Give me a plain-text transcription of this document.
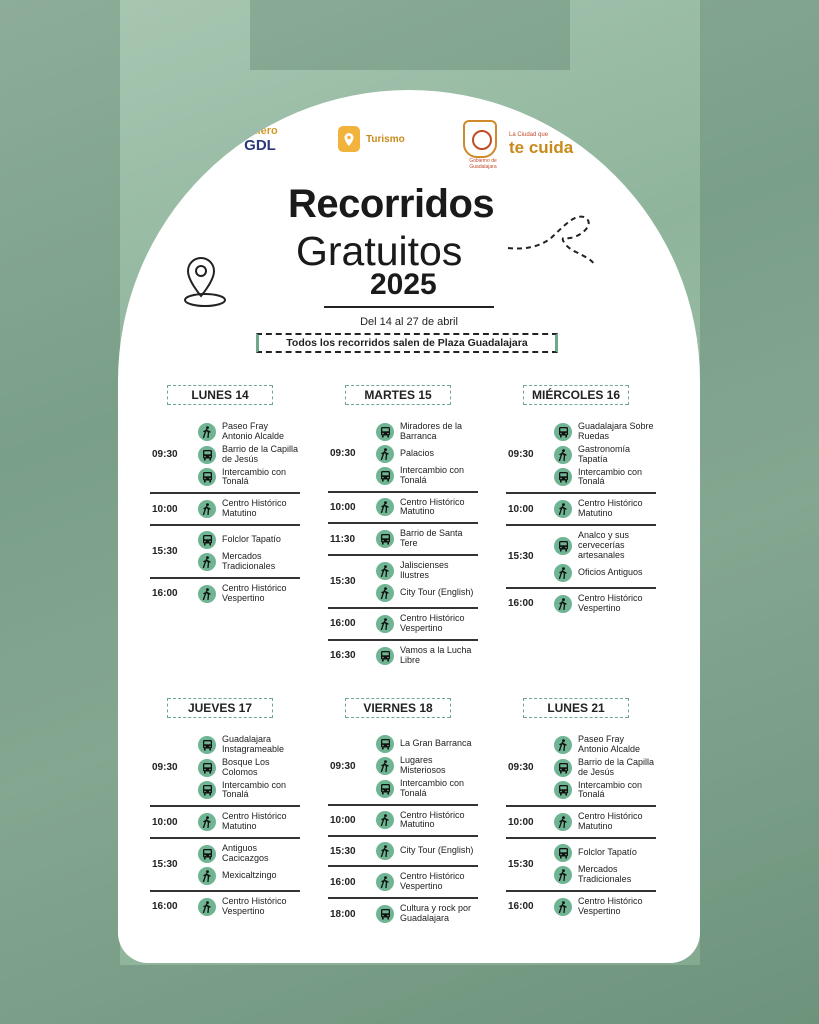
Te
Quiero
GDL	Turismo
Gobierno de Guadalajara
La Ciudad que
te cuida
Recorridos
Gratuitos
2025
Del 14 al 27 de abril
Todos los recorridos salen de Plaza Guadalajara
LUNES 14
09:30
Paseo Fray Antonio Alcalde
Barrio de la Capilla de Jesús
Intercambio con Tonalá
10:00
Centro Histórico Matutino
15:30
Folclor Tapatío
Mercados Tradicionales
16:00
Centro Histórico Vespertino
MARTES 15
09:30
Miradores de la Barranca
Palacios
Intercambio con Tonalá
10:00
Centro Histórico Matutino
11:30
Barrio de Santa Tere
15:30
Jaliscienses Ilustres
City Tour (English)
16:00
Centro Histórico Vespertino
16:30
Vamos a la Lucha Libre
MIÉRCOLES 16
09:30
Guadalajara Sobre Ruedas
Gastronomía Tapatía
Intercambio con Tonalá
10:00
Centro Histórico Matutino
15:30
Analco y sus cervecerías artesanales
Oficios Antiguos
16:00
Centro Histórico Vespertino
JUEVES 17
09:30
Guadalajara Instagrameable
Bosque Los Colomos
Intercambio con Tonalá
10:00
Centro Histórico Matutino
15:30
Antiguos Cacicazgos
Mexicaltzingo
16:00
Centro Histórico Vespertino
VIERNES 18
09:30
La Gran Barranca
Lugares Misteriosos
Intercambio con Tonalá
10:00
Centro Histórico Matutino
15:30	City Tour (English)
16:00
Centro Histórico Vespertino
18:00
Cultura y rock por Guadalajara
LUNES 21
09:30
Paseo Fray Antonio Alcalde
Barrio de la Capilla de Jesús
Intercambio con Tonalá
10:00
Centro Histórico Matutino
15:30
Folclor Tapatío
Mercados Tradicionales
16:00
Centro Histórico Vespertino
